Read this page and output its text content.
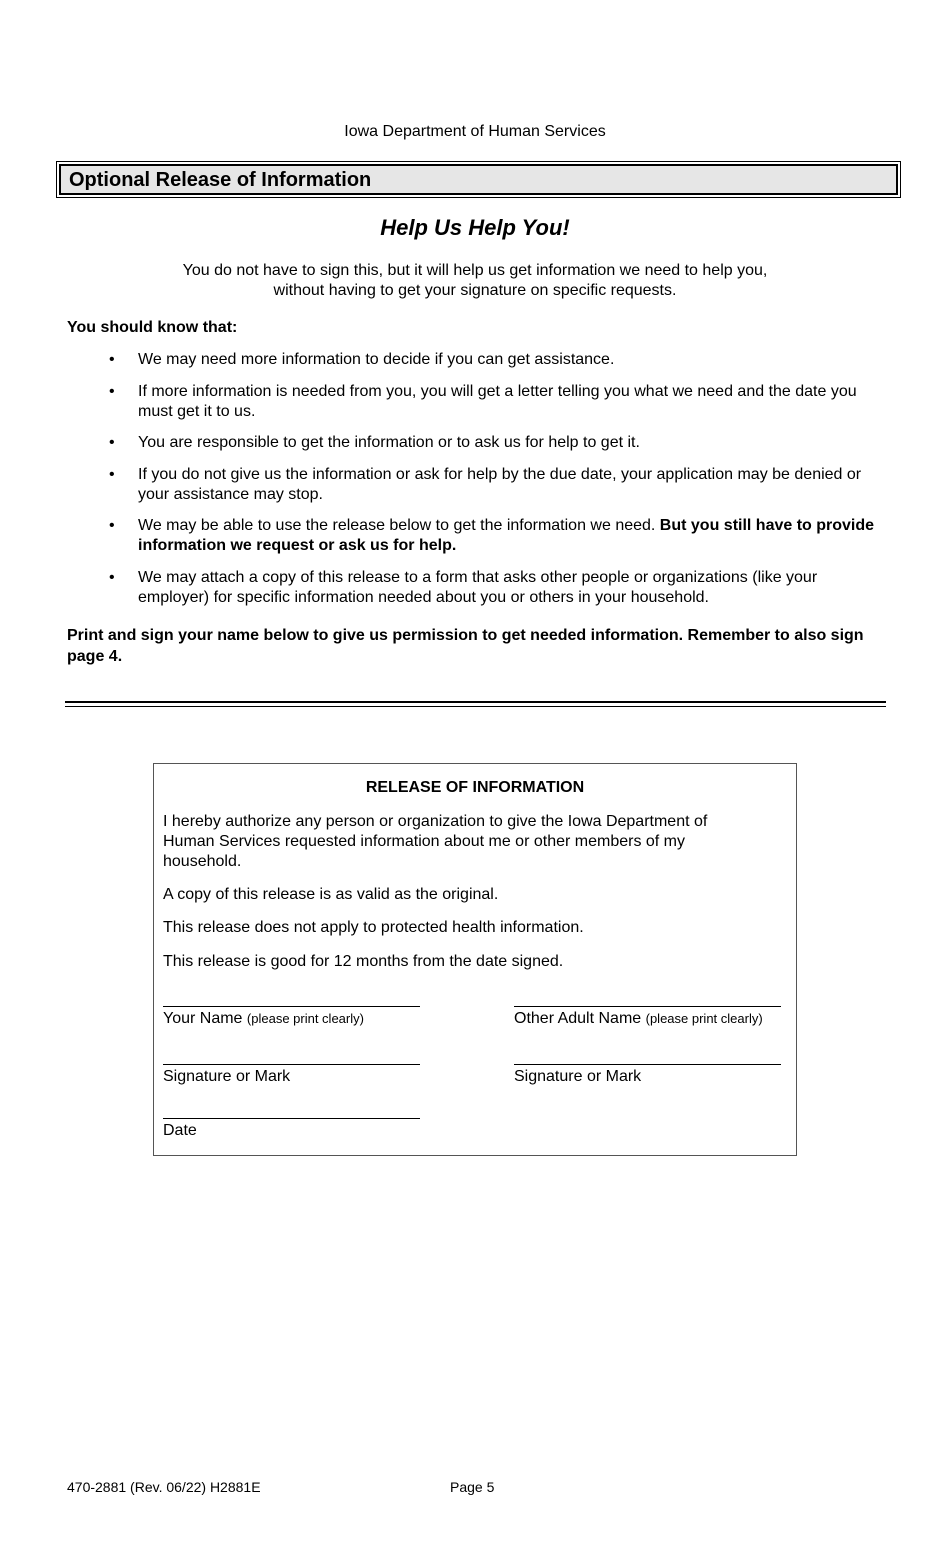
Iowa Department of Human Services
Optional Release of Information
Help Us Help You!
You do not have to sign this, but it will help us get information we need to help you,
without having to get your signature on specific requests.
You should know that:
• We may need more information to decide if you can get assistance.
• If more information is needed from you, you will get a letter telling you what we need and the date you must get it to us.
• You are responsible to get the information or to ask us for help to get it.
• If you do not give us the information or ask for help by the due date, your application may be denied or your assistance may stop.
• We may be able to use the release below to get the information we need. But you still have to provide information we request or ask us for help.
• We may attach a copy of this release to a form that asks other people or organizations (like your employer) for specific information needed about you or others in your household.
Print and sign your name below to give us permission to get needed information. Remember to also sign page 4.
RELEASE OF INFORMATION

I hereby authorize any person or organization to give the Iowa Department of Human Services requested information about me or other members of my household.

A copy of this release is as valid as the original.

This release does not apply to protected health information.

This release is good for 12 months from the date signed.

Your Name (please print clearly)	Other Adult Name (please print clearly)
Signature or Mark	Signature or Mark
Date
470-2881 (Rev. 06/22) H2881E	Page 5
